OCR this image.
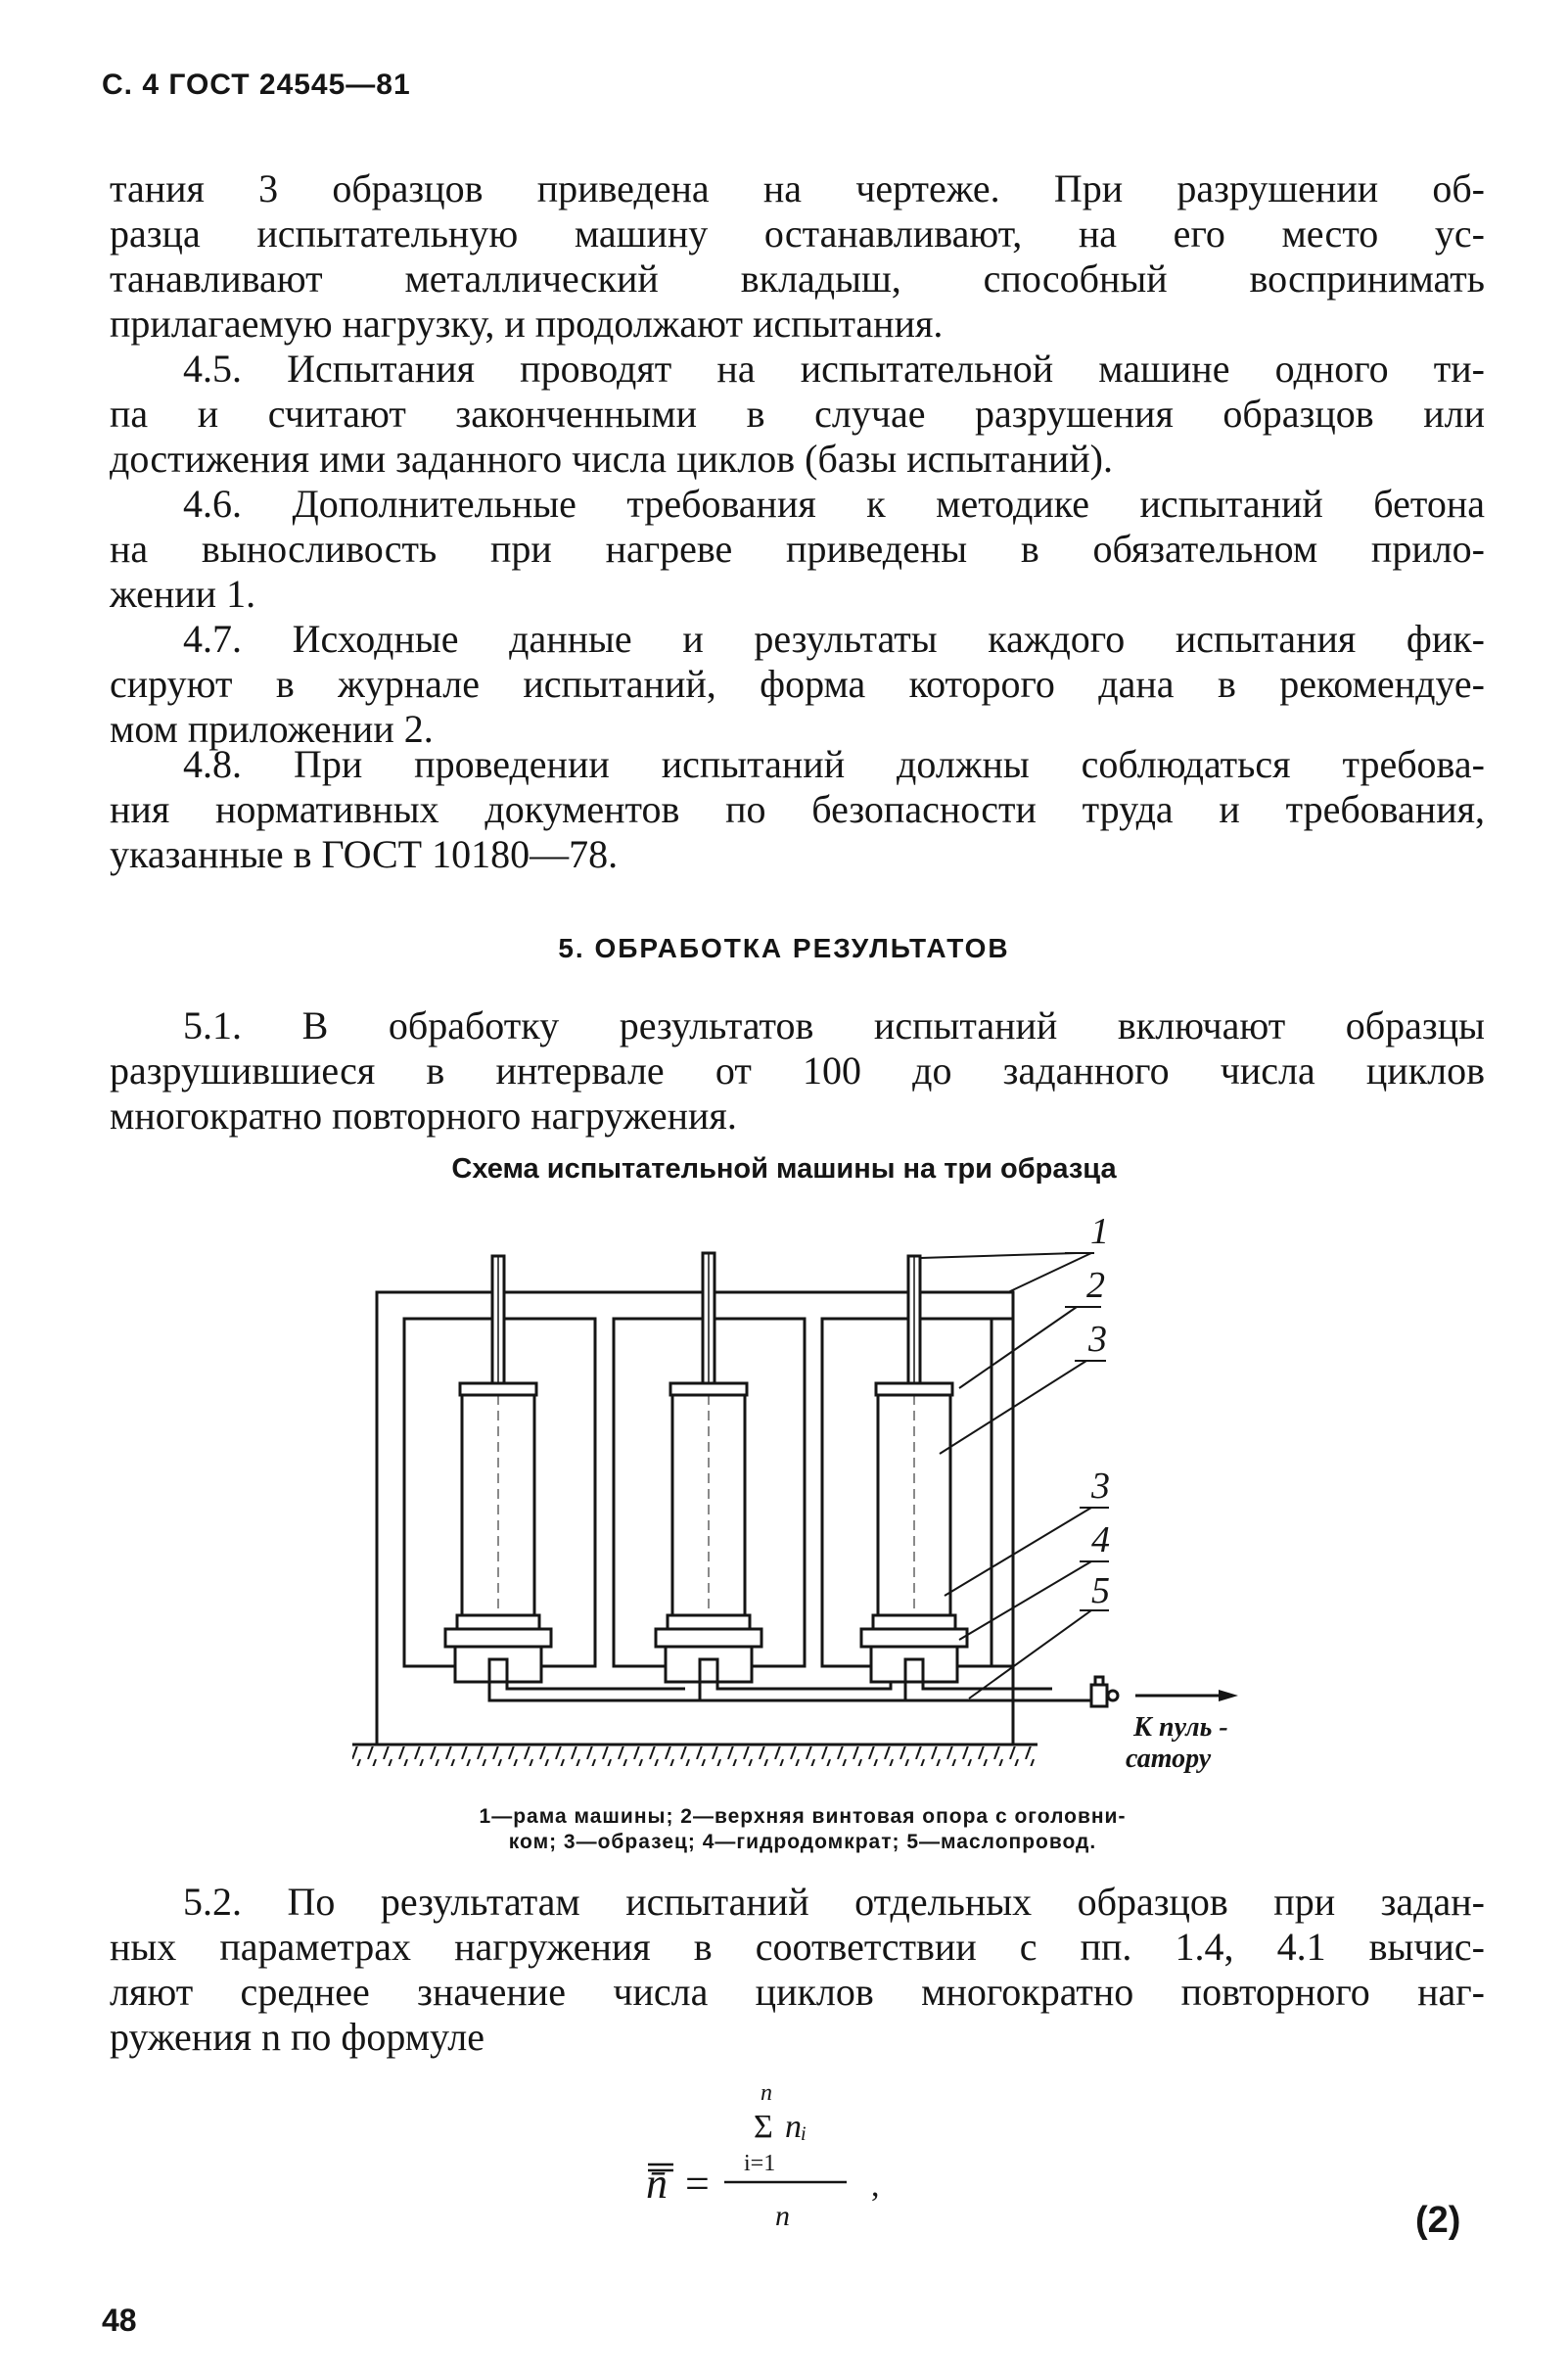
С. 4 ГОСТ 24545—81
тания 3 образцов приведена на чертеже. При разрушении об-
разца испытательную машину останавливают, на его место ус-
танавливают металлический вкладыш, способный воспринимать
прилагаемую нагрузку, и продолжают испытания.
4.5. Испытания проводят на испытательной машине одного ти-
па и считают законченными в случае разрушения образцов или
достижения ими заданного числа циклов (базы испытаний).
4.6. Дополнительные требования к методике испытаний бетона
на выносливость при нагреве приведены в обязательном прило-
жении 1.
4.7. Исходные данные и результаты каждого испытания фик-
сируют в журнале испытаний, форма которого дана в рекомендуе-
мом приложении 2.
4.8. При проведении испытаний должны соблюдаться требова-
ния нормативных документов по безопасности труда и требования,
указанные в ГОСТ 10180—78.
5. ОБРАБОТКА РЕЗУЛЬТАТОВ
5.1. В обработку результатов испытаний включают образцы
разрушившиеся в интервале от 100 до заданного числа циклов
многократно повторного нагружения.
Схема испытательной машины на три образца
1
2
3
3
4
5
К пуль -
сатору
1—рама машины; 2—верхняя винтовая опора с оголовни-
ком; 3—образец; 4—гидродомкрат; 5—маслопровод.
5.2. По результатам испытаний отдельных образцов при задан-
ных параметрах нагружения в соответствии с пп. 1.4, 4.1 вычис-
ляют среднее значение числа циклов многократно повторного наг-
ружения n по формуле
n
Σ nᵢ
i=1
n̄ =
n
,
(2)
48
